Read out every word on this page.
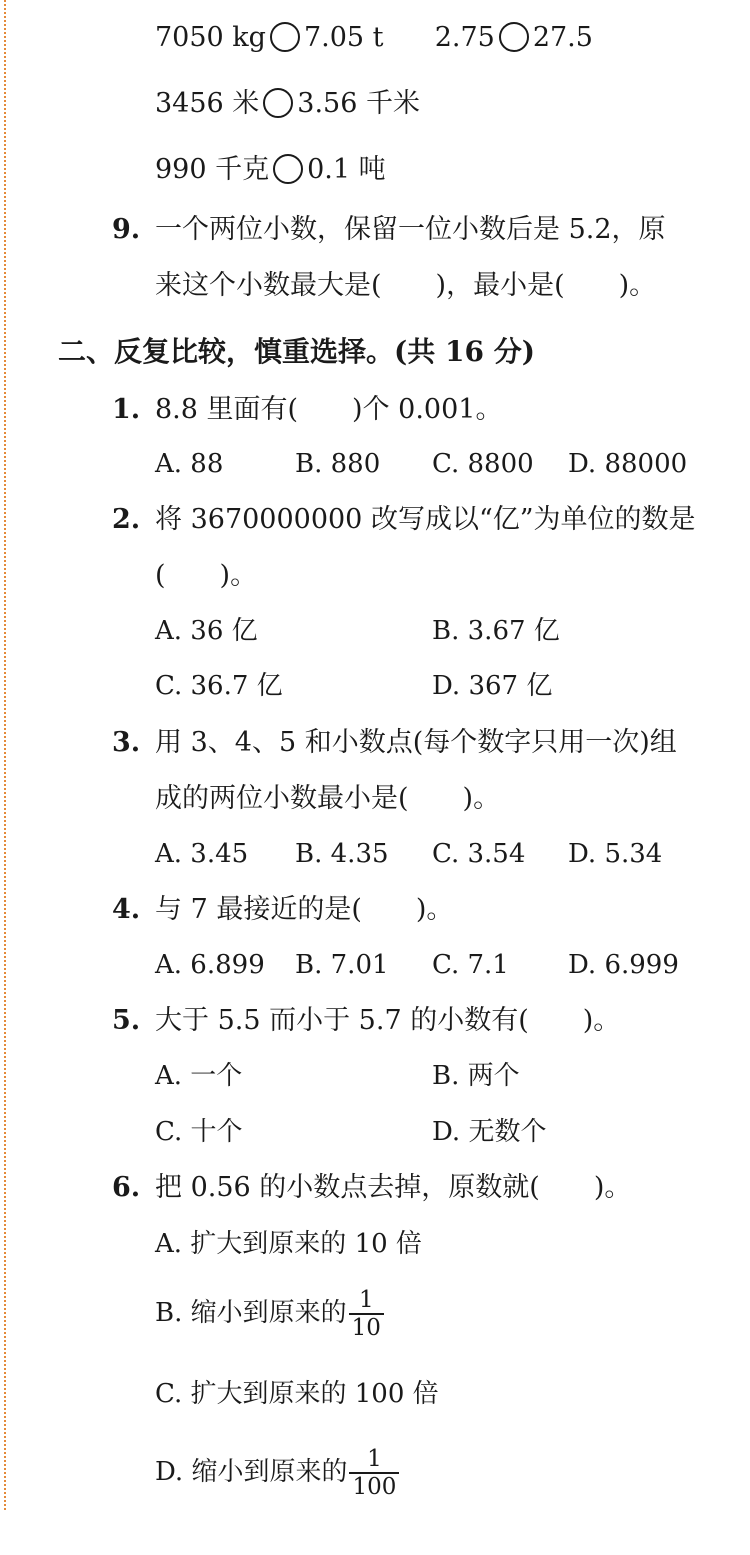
7050 kg 7.05 t 2.75 27.5
3456 米 3.56 千米
990 千克 0.1 吨
9. 一个两位小数，保留一位小数后是 5.2，原
来这个小数最大是(　　)，最小是(　　)。
二、反复比较，慎重选择。(共 16 分)
1. 8.8 里面有(　　)个 0.001。
A. 88	B. 880 C. 8800 D. 88000
2. 将 3670000000 改写成以“亿”为单位的数是
(　　)。
A. 36 亿	B. 3.67 亿
C. 36.7 亿	D. 367 亿
3. 用 3、4、5 和小数点(每个数字只用一次)组
成的两位小数最小是(　　)。
A. 3.45 B. 4.35 C. 3.54 D. 5.34
4. 与 7 最接近的是(　　)。
A. 6.899 B. 7.01 C. 7.1 D. 6.999
5. 大于 5.5 而小于 5.7 的小数有(　　)。
A. 一个	B. 两个
C. 十个	D. 无数个
6. 把 0.56 的小数点去掉，原数就(　　)。
A. 扩大到原来的 10 倍
B. 缩小到原来的 $\frac{1}{10}$
C. 扩大到原来的 100 倍
D. 缩小到原来的 $\frac{1}{100}$
